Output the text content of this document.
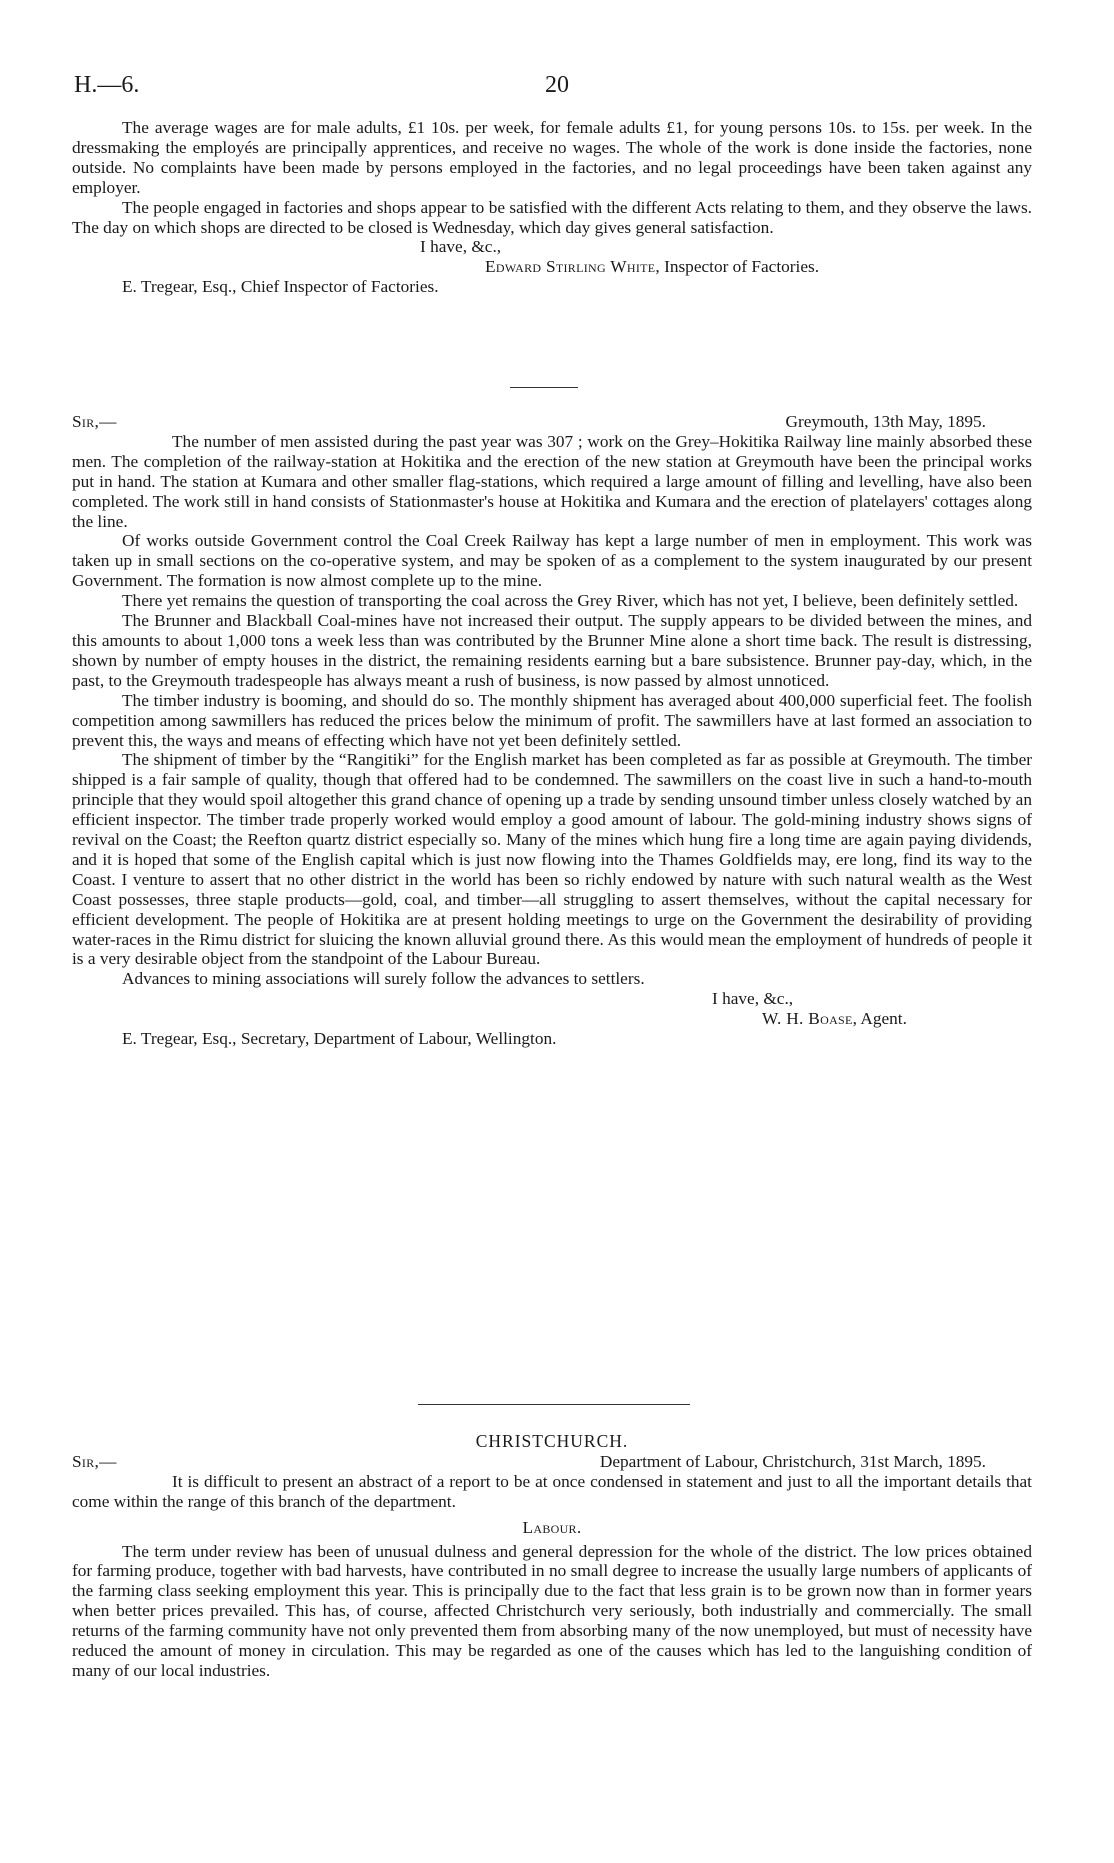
H.—6.	20

The average wages are for male adults, £1 10s. per week, for female adults £1, for young persons 10s. to 15s. per week. In the dressmaking the employés are principally apprentices, and receive no wages. The whole of the work is done inside the factories, none outside. No complaints have been made by persons employed in the factories, and no legal proceedings have been taken against any employer.

The people engaged in factories and shops appear to be satisfied with the different Acts relating to them, and they observe the laws. The day on which shops are directed to be closed is Wednesday, which day gives general satisfaction.

I have, &c.,
Edward Stirling White, Inspector of Factories.
E. Tregear, Esq., Chief Inspector of Factories.
Sir,—	Greymouth, 13th May, 1895.

The number of men assisted during the past year was 307 ; work on the Grey–Hokitika Railway line mainly absorbed these men. The completion of the railway-station at Hokitika and the erection of the new station at Greymouth have been the principal works put in hand. The station at Kumara and other smaller flag-stations, which required a large amount of filling and levelling, have also been completed. The work still in hand consists of Stationmaster's house at Hokitika and Kumara and the erection of platelayers' cottages along the line.

Of works outside Government control the Coal Creek Railway has kept a large number of men in employment. This work was taken up in small sections on the co-operative system, and may be spoken of as a complement to the system inaugurated by our present Government. The formation is now almost complete up to the mine.

There yet remains the question of transporting the coal across the Grey River, which has not yet, I believe, been definitely settled.

The Brunner and Blackball Coal-mines have not increased their output. The supply appears to be divided between the mines, and this amounts to about 1,000 tons a week less than was contributed by the Brunner Mine alone a short time back. The result is distressing, shown by number of empty houses in the district, the remaining residents earning but a bare subsistence. Brunner pay-day, which, in the past, to the Greymouth tradespeople has always meant a rush of business, is now passed by almost unnoticed.

The timber industry is booming, and should do so. The monthly shipment has averaged about 400,000 superficial feet. The foolish competition among sawmillers has reduced the prices below the minimum of profit. The sawmillers have at last formed an association to prevent this, the ways and means of effecting which have not yet been definitely settled.

The shipment of timber by the “Rangitiki” for the English market has been completed as far as possible at Greymouth. The timber shipped is a fair sample of quality, though that offered had to be condemned. The sawmillers on the coast live in such a hand-to-mouth principle that they would spoil altogether this grand chance of opening up a trade by sending unsound timber unless closely watched by an efficient inspector. The timber trade properly worked would employ a good amount of labour. The gold-mining industry shows signs of revival on the Coast; the Reefton quartz district especially so. Many of the mines which hung fire a long time are again paying dividends, and it is hoped that some of the English capital which is just now flowing into the Thames Goldfields may, ere long, find its way to the Coast. I venture to assert that no other district in the world has been so richly endowed by nature with such natural wealth as the West Coast possesses, three staple products—gold, coal, and timber—all struggling to assert themselves, without the capital necessary for efficient development. The people of Hokitika are at present holding meetings to urge on the Government the desirability of providing water-races in the Rimu district for sluicing the known alluvial ground there. As this would mean the employment of hundreds of people it is a very desirable object from the standpoint of the Labour Bureau.

Advances to mining associations will surely follow the advances to settlers.

I have, &c.,
W. H. Boase, Agent.
E. Tregear, Esq., Secretary, Department of Labour, Wellington.
CHRISTCHURCH.
Sir,—	Department of Labour, Christchurch, 31st March, 1895.

It is difficult to present an abstract of a report to be at once condensed in statement and just to all the important details that come within the range of this branch of the department.

Labour.

The term under review has been of unusual dulness and general depression for the whole of the district. The low prices obtained for farming produce, together with bad harvests, have contributed in no small degree to increase the usually large numbers of applicants of the farming class seeking employment this year. This is principally due to the fact that less grain is to be grown now than in former years when better prices prevailed. This has, of course, affected Christchurch very seriously, both industrially and commercially. The small returns of the farming community have not only prevented them from absorbing many of the now unemployed, but must of necessity have reduced the amount of money in circulation. This may be regarded as one of the causes which has led to the languishing condition of many of our local industries.
